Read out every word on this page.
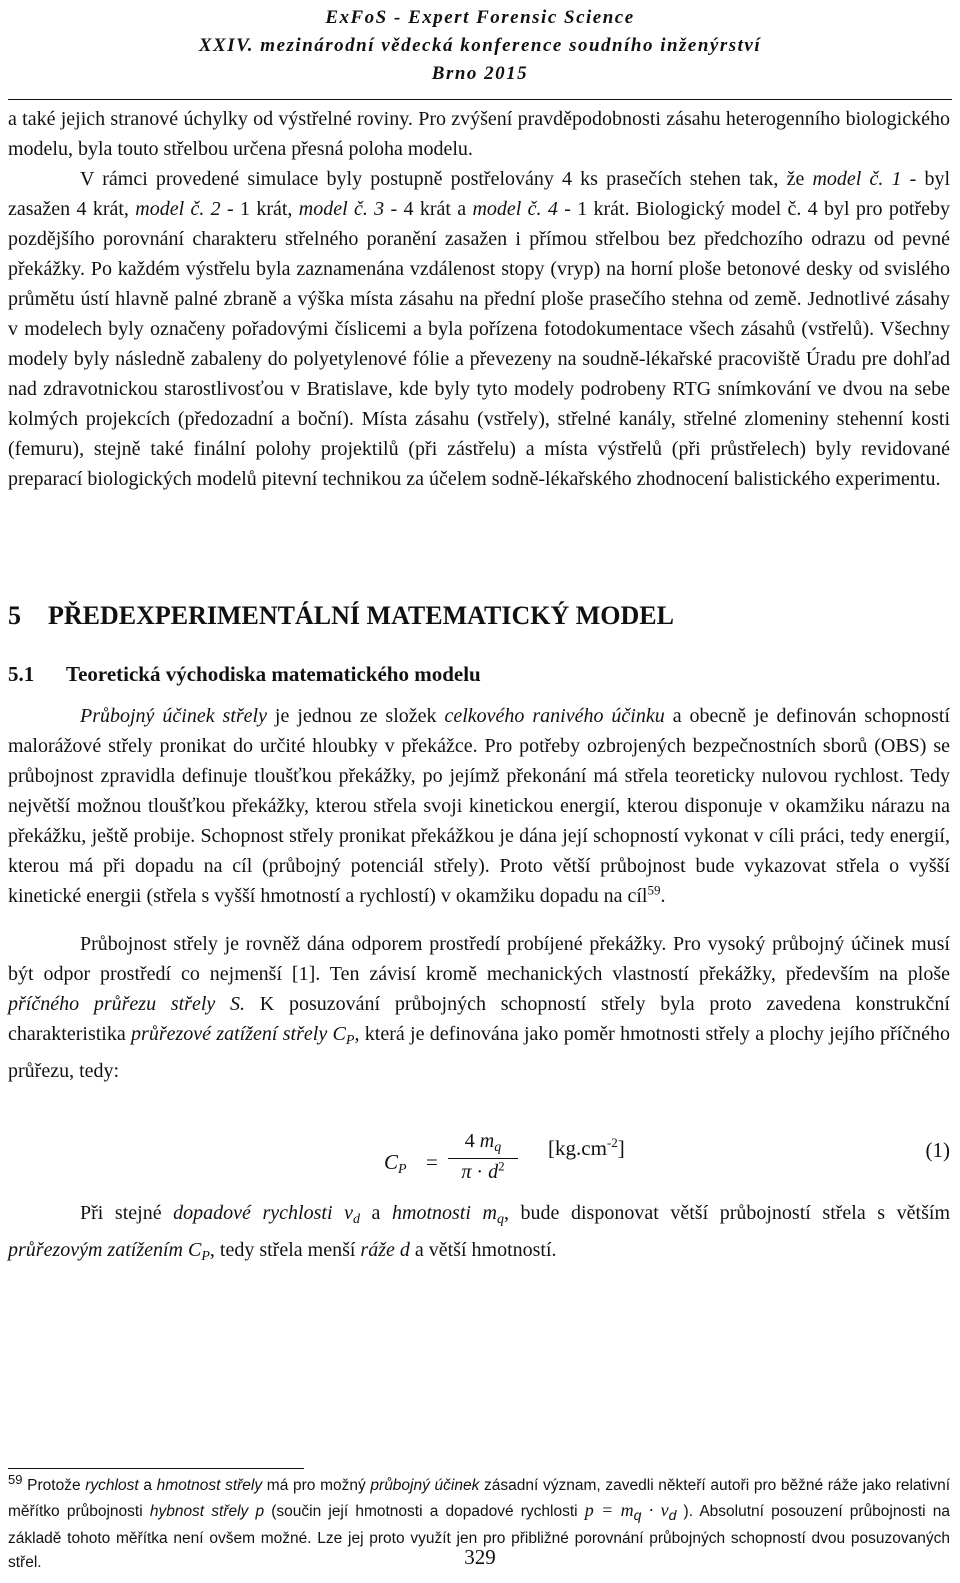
ExFoS - Expert Forensic Science
XXIV. mezinárodní vědecká konference soudního inženýrství
Brno 2015

a také jejich stranové úchylky od výstřelné roviny. Pro zvýšení pravděpodobnosti zásahu heterogenního biologického modelu, byla touto střelbou určena přesná poloha modelu.

V rámci provedené simulace byly postupně postřelovány 4 ks prasečích stehen tak, že model č. 1 - byl zasažen 4 krát, model č. 2 - 1 krát, model č. 3 - 4 krát a model č. 4 - 1 krát. Biologický model č. 4 byl pro potřeby pozdějšího porovnání charakteru střelného poranění zasažen i přímou střelbou bez předchozího odrazu od pevné překážky. Po každém výstřelu byla zaznamenána vzdálenost stopy (vryp) na horní ploše betonové desky od svislého průmětu ústí hlavně palné zbraně a výška místa zásahu na přední ploše prasečího stehna od země. Jednotlivé zásahy v modelech byly označeny pořadovými číslicemi a byla pořízena fotodokumentace všech zásahů (vstřelů). Všechny modely byly následně zabaleny do polyetylenové fólie a převezeny na soudně-lékařské pracoviště Úradu pre dohľad nad zdravotnickou starostlivosťou v Bratislave, kde byly tyto modely podrobeny RTG snímkování ve dvou na sebe kolmých projekcích (předozadní a boční). Místa zásahu (vstřely), střelné kanály, střelné zlomeniny stehenní kosti (femuru), stejně také finální polohy projektilů (při zástřelu) a místa výstřelů (při průstřelech) byly revidované preparací biologických modelů pitevní technikou za účelem sodně-lékařského zhodnocení balistického experimentu.

5 PŘEDEXPERIMENTÁLNÍ MATEMATICKÝ MODEL
5.1 Teoretická východiska matematického modelu

Průbojný účinek střely je jednou ze složek celkového ranivého účinku a obecně je definován schopností malorážové střely pronikat do určité hloubky v překážce. Pro potřeby ozbrojených bezpečnostních sborů (OBS) se průbojnost zpravidla definuje tloušťkou překážky, po jejímž překonání má střela teoreticky nulovou rychlost. Tedy největší možnou tloušťkou překážky, kterou střela svoji kinetickou energií, kterou disponuje v okamžiku nárazu na překážku, ještě probije. Schopnost střely pronikat překážkou je dána její schopností vykonat v cíli práci, tedy energií, kterou má při dopadu na cíl (průbojný potenciál střely). Proto větší průbojnost bude vykazovat střela o vyšší kinetické energii (střela s vyšší hmotností a rychlostí) v okamžiku dopadu na cíl$^{59}$.

Průbojnost střely je rovněž dána odporem prostředí probíjené překážky. Pro vysoký průbojný účinek musí být odpor prostředí co nejmenší [1]. Ten závisí kromě mechanických vlastností překážky, především na ploše příčného průřezu střely S. K posuzování průbojných schopností střely byla proto zavedena konstrukční charakteristika průřezové zatížení střely $C_P$, která je definována jako poměr hmotnosti střely a plochy jejího příčného průřezu, tedy:

$C_P$ =
4 $m_q$
$\pi \cdot d^2$
$[kg.cm^{-2}]$	(1)

Při stejné dopadové rychlosti $v_d$ a hmotnosti $m_q$, bude disponovat větší průbojností střela s větším průřezovým zatížením $C_P$, tedy střela menší ráže d a větší hmotností.

$^{59}$ Protože rychlost a hmotnost střely má pro možný průbojný účinek zásadní význam, zavedli někteří autoři pro běžné ráže jako relativní měřítko průbojnosti hybnost střely p (součin její hmotnosti a dopadové rychlosti p = mq · vd ). Absolutní posouzení průbojnosti na základě tohoto měřítka není ovšem možné. Lze jej proto využít jen pro přibližné porovnání průbojných schopností dvou posuzovaných střel.	329
